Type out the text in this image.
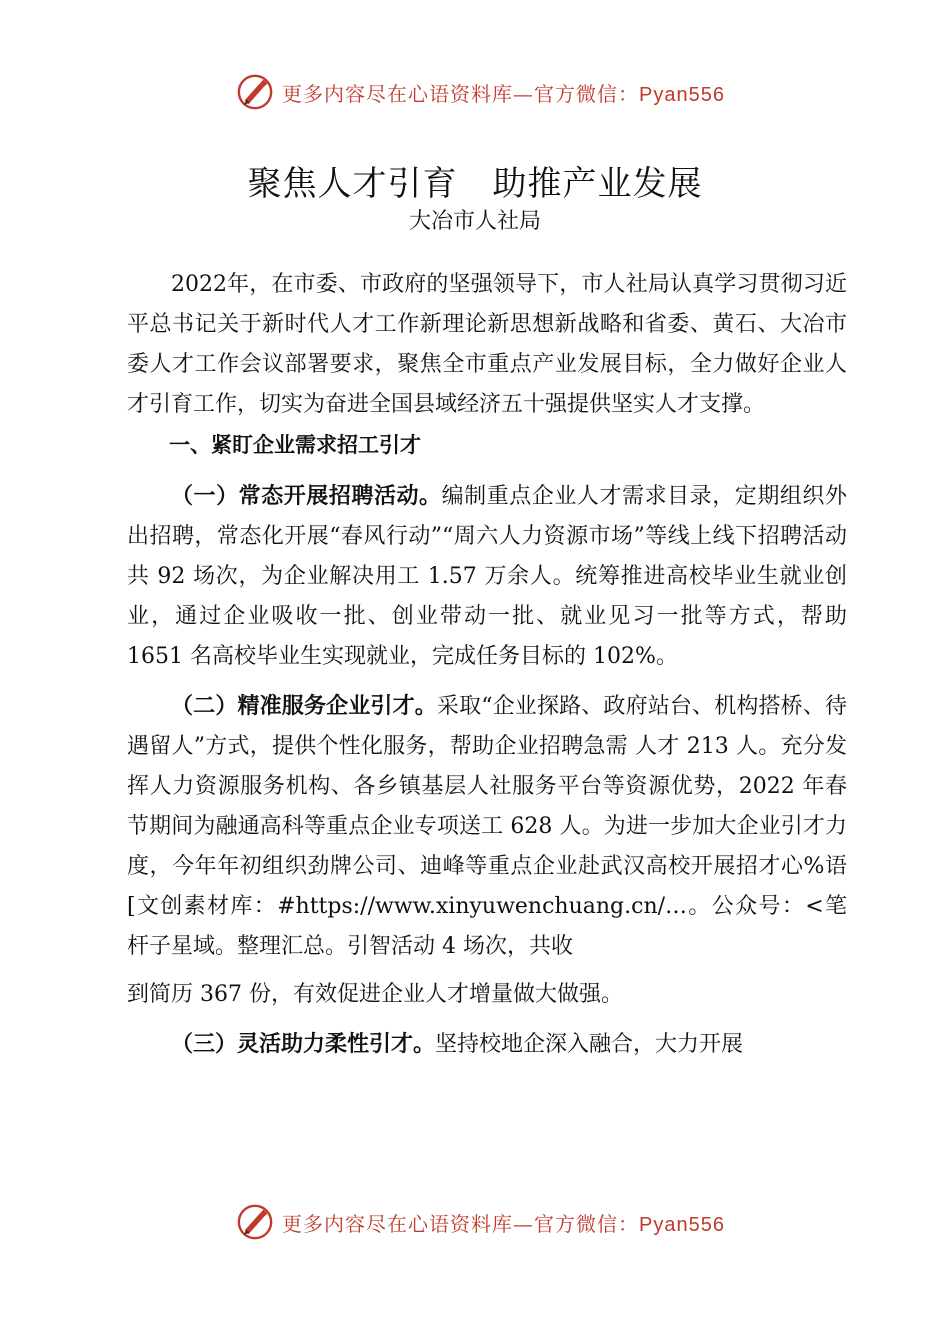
更多内容尽在心语资料库—官方微信：Pyan556
聚焦人才引育　助推产业发展
大冶市人社局

2022年，在市委、市政府的坚强领导下，市人社局认真学习贯彻习近平总书记关于新时代人才工作新理论新思想新战略和省委、黄石、大冶市委人才工作会议部署要求，聚焦全市重点产业发展目标，全力做好企业人才引育工作，切实为奋进全国县域经济五十强提供坚实人才支撑。

一、紧盯企业需求招工引才

（一）常态开展招聘活动。编制重点企业人才需求目录，定期组织外出招聘，常态化开展“春风行动”“周六人力资源市场”等线上线下招聘活动共 92 场次，为企业解决用工 1.57 万余人。统筹推进高校毕业生就业创业，通过企业吸收一批、创业带动一批、就业见习一批等方式，帮助 1651 名高校毕业生实现就业，完成任务目标的 102%。

（二）精准服务企业引才。采取“企业探路、政府站台、机构搭桥、待遇留人”方式，提供个性化服务，帮助企业招聘急需 人才 213 人。充分发挥人力资源服务机构、各乡镇基层人社服务平台等资源优势，2022 年春节期间为融通高科等重点企业专项送工 628 人。为进一步加大企业引才力度，今年年初组织劲牌公司、迪峰等重点企业赴武汉高校开展招才心%语[文创素材库：#https://www.xinyuwenchuang.cn/…。公众号：<笔杆子星域。整理汇总。引智活动 4 场次，共收

到简历 367 份，有效促进企业人才增量做大做强。

（三）灵活助力柔性引才。坚持校地企深入融合，大力开展

更多内容尽在心语资料库—官方微信：Pyan556
